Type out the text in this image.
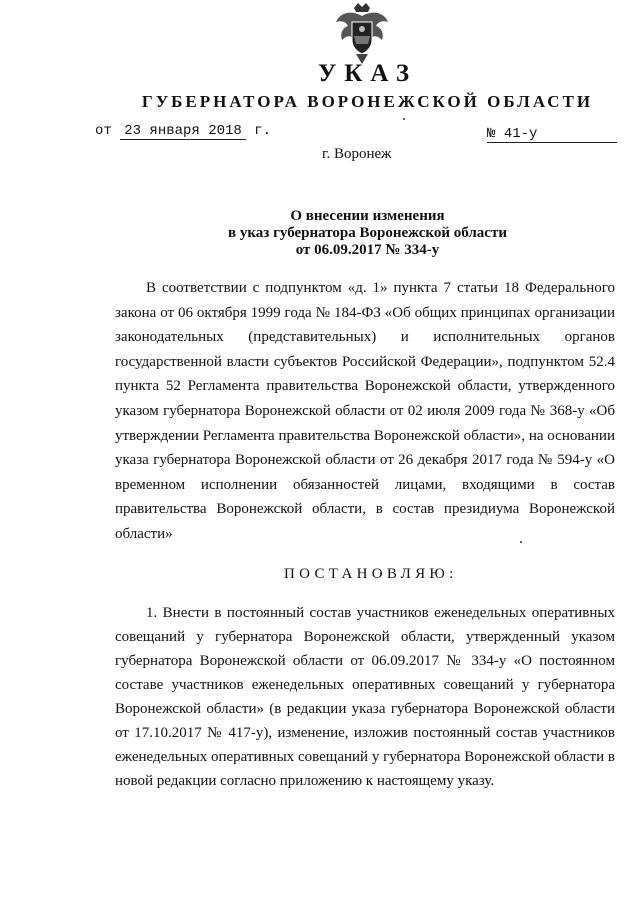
УКАЗ
ГУБЕРНАТОРА ВОРОНЕЖСКОЙ ОБЛАСТИ
от 23 января 2018 г.	№ 41-у
г. Воронеж
О внесении изменения
в указ губернатора Воронежской области
от 06.09.2017 № 334-у

В соответствии с подпунктом «д. 1» пункта 7 статьи 18 Федерального закона от 06 октября 1999 года № 184-ФЗ «Об общих принципах организации законодательных (представительных) и исполнительных органов государственной власти субъектов Российской Федерации», подпунктом 52.4 пункта 52 Регламента правительства Воронежской области, утвержденного указом губернатора Воронежской области от 02 июля 2009 года № 368-у «Об утверждении Регламента правительства Воронежской области», на основании указа губернатора Воронежской области от 26 декабря 2017 года № 594-у «О временном исполнении обязанностей лицами, входящими в состав правительства Воронежской области, в состав президиума Воронежской области»

ПОСТАНОВЛЯЮ:

1. Внести в постоянный состав участников еженедельных оперативных совещаний у губернатора Воронежской области, утвержденный указом губернатора Воронежской области от 06.09.2017 № 334-у «О постоянном составе участников еженедельных оперативных совещаний у губернатора Воронежской области» (в редакции указа губернатора Воронежской области от 17.10.2017 № 417-у), изменение, изложив постоянный состав участников еженедельных оперативных совещаний у губернатора Воронежской области в новой редакции согласно приложению к настоящему указу.
